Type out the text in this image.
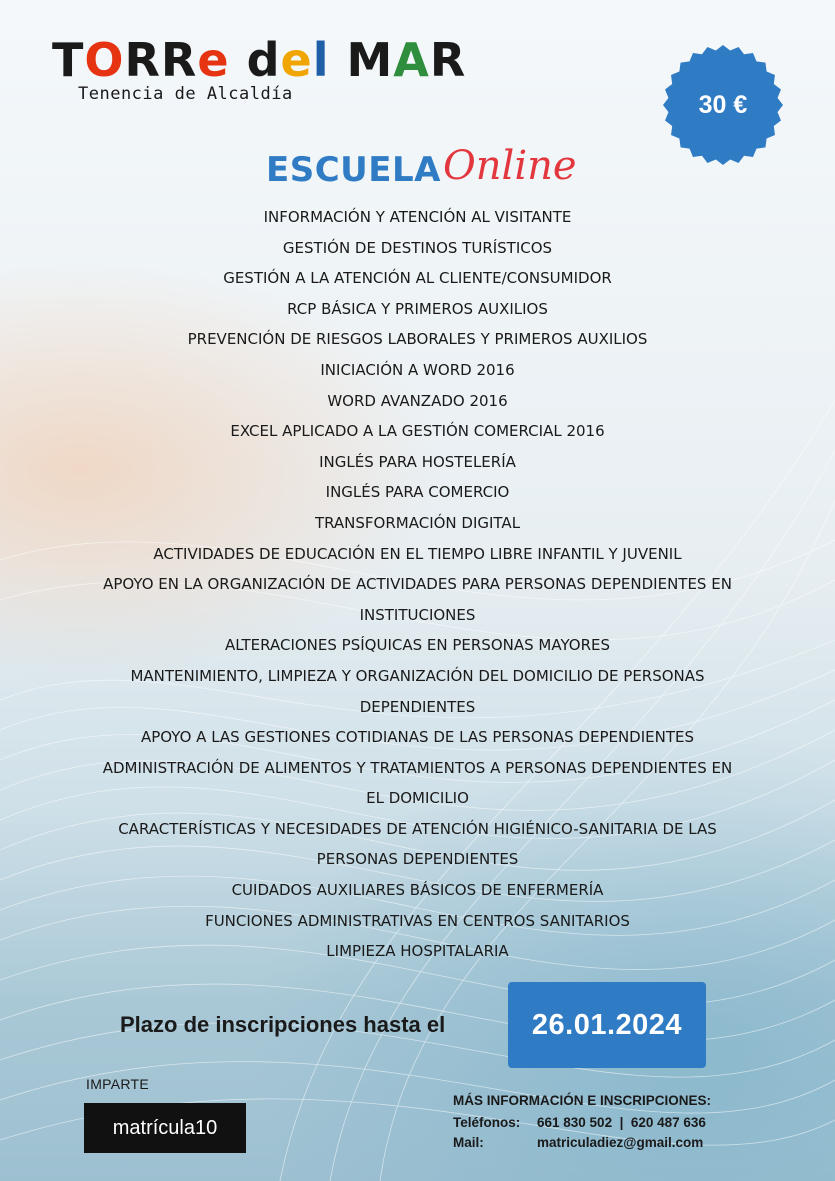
TORRe del MAR
Tenencia de Alcaldía	30 €
ESCUELA Online
INFORMACIÓN Y ATENCIÓN AL VISITANTE
GESTIÓN DE DESTINOS TURÍSTICOS
GESTIÓN A LA ATENCIÓN AL CLIENTE/CONSUMIDOR
RCP BÁSICA Y PRIMEROS AUXILIOS
PREVENCIÓN DE RIESGOS LABORALES Y PRIMEROS AUXILIOS
INICIACIÓN A WORD 2016
WORD AVANZADO 2016
EXCEL APLICADO A LA GESTIÓN COMERCIAL 2016
INGLÉS PARA HOSTELERÍA
INGLÉS PARA COMERCIO
TRANSFORMACIÓN DIGITAL
ACTIVIDADES DE EDUCACIÓN EN EL TIEMPO LIBRE INFANTIL Y JUVENIL
APOYO EN LA ORGANIZACIÓN DE ACTIVIDADES PARA PERSONAS DEPENDIENTES EN
INSTITUCIONES
ALTERACIONES PSÍQUICAS EN PERSONAS MAYORES
MANTENIMIENTO, LIMPIEZA Y ORGANIZACIÓN DEL DOMICILIO DE PERSONAS
DEPENDIENTES
APOYO A LAS GESTIONES COTIDIANAS DE LAS PERSONAS DEPENDIENTES
ADMINISTRACIÓN DE ALIMENTOS Y TRATAMIENTOS A PERSONAS DEPENDIENTES EN
EL DOMICILIO
CARACTERÍSTICAS Y NECESIDADES DE ATENCIÓN HIGIÉNICO-SANITARIA DE LAS
PERSONAS DEPENDIENTES
CUIDADOS AUXILIARES BÁSICOS DE ENFERMERÍA
FUNCIONES ADMINISTRATIVAS EN CENTROS SANITARIOS
LIMPIEZA HOSPITALARIA
Plazo de inscripciones hasta el	26.01.2024
IMPARTE
matrícula10
MÁS INFORMACIÓN E INSCRIPCIONES:
Teléfonos:	661 830 502  |  620 487 636
Mail:	matriculadiez@gmail.com
